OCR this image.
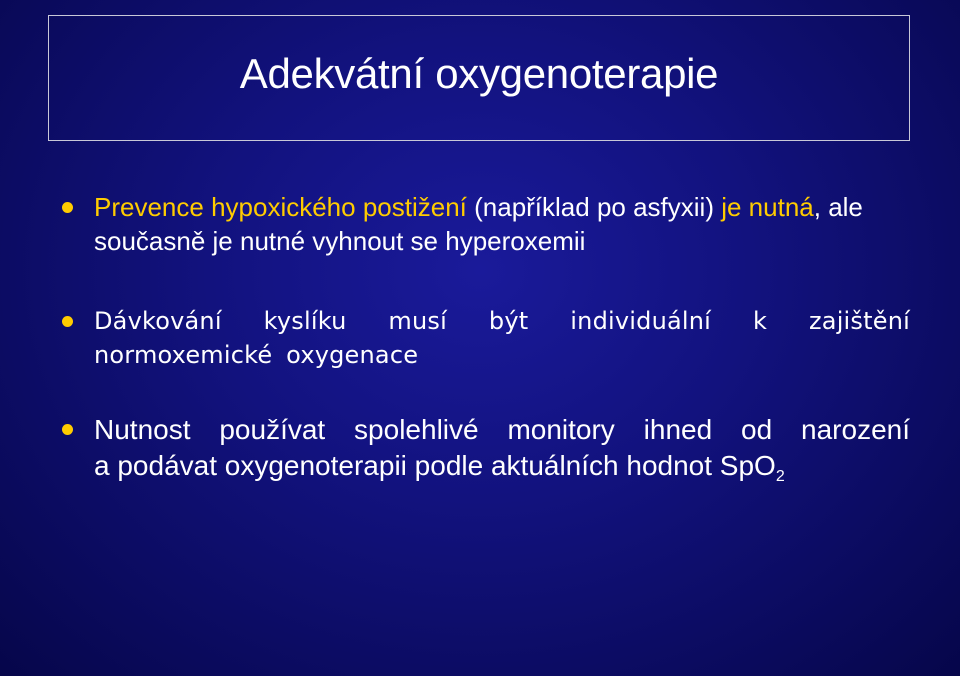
Adekvátní oxygenoterapie
Prevence hypoxického postižení (například po asfyxii) je nutná, ale současně je nutné vyhnout se hyperoxemii
Dávkování kyslíku musí být individuální k zajištění
normoxemické oxygenace
Nutnost používat spolehlivé monitory ihned od narození
a podávat oxygenoterapii podle aktuálních hodnot SpO$_2$
